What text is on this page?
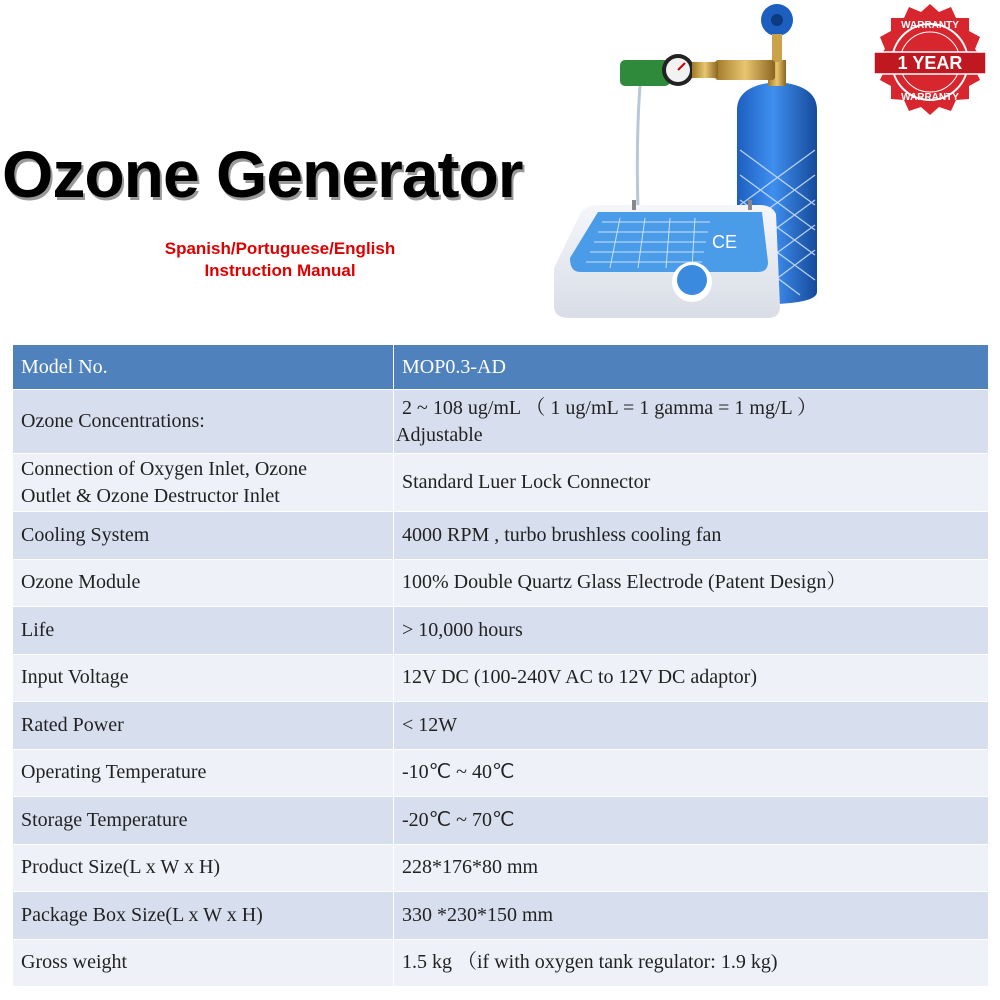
Ozone Generator
Spanish/Portuguese/English
Instruction Manual
CE
WARRANTY
1 YEAR
WARRANTY
Model No.	MOP0.3-AD
Ozone Concentrations:	2 ~ 108 ug/mL （ 1 ug/mL = 1 gamma = 1 mg/L ）
Adjustable

Connection of Oxygen Inlet, Ozone
Outlet & Ozone Destructor Inlet	Standard Luer Lock Connector
Cooling System	4000 RPM , turbo brushless cooling fan
Ozone Module	100% Double Quartz Glass Electrode (Patent Design）
Life	> 10,000 hours
Input Voltage	12V DC (100-240V AC to 12V DC adaptor)
Rated Power	< 12W
Operating Temperature	-10℃ ~ 40℃
Storage Temperature	-20℃ ~ 70℃
Product Size(L x W x H)	228*176*80 mm
Package Box Size(L x W x H)	330 *230*150 mm
Gross weight	1.5 kg （if with oxygen tank regulator: 1.9 kg)
